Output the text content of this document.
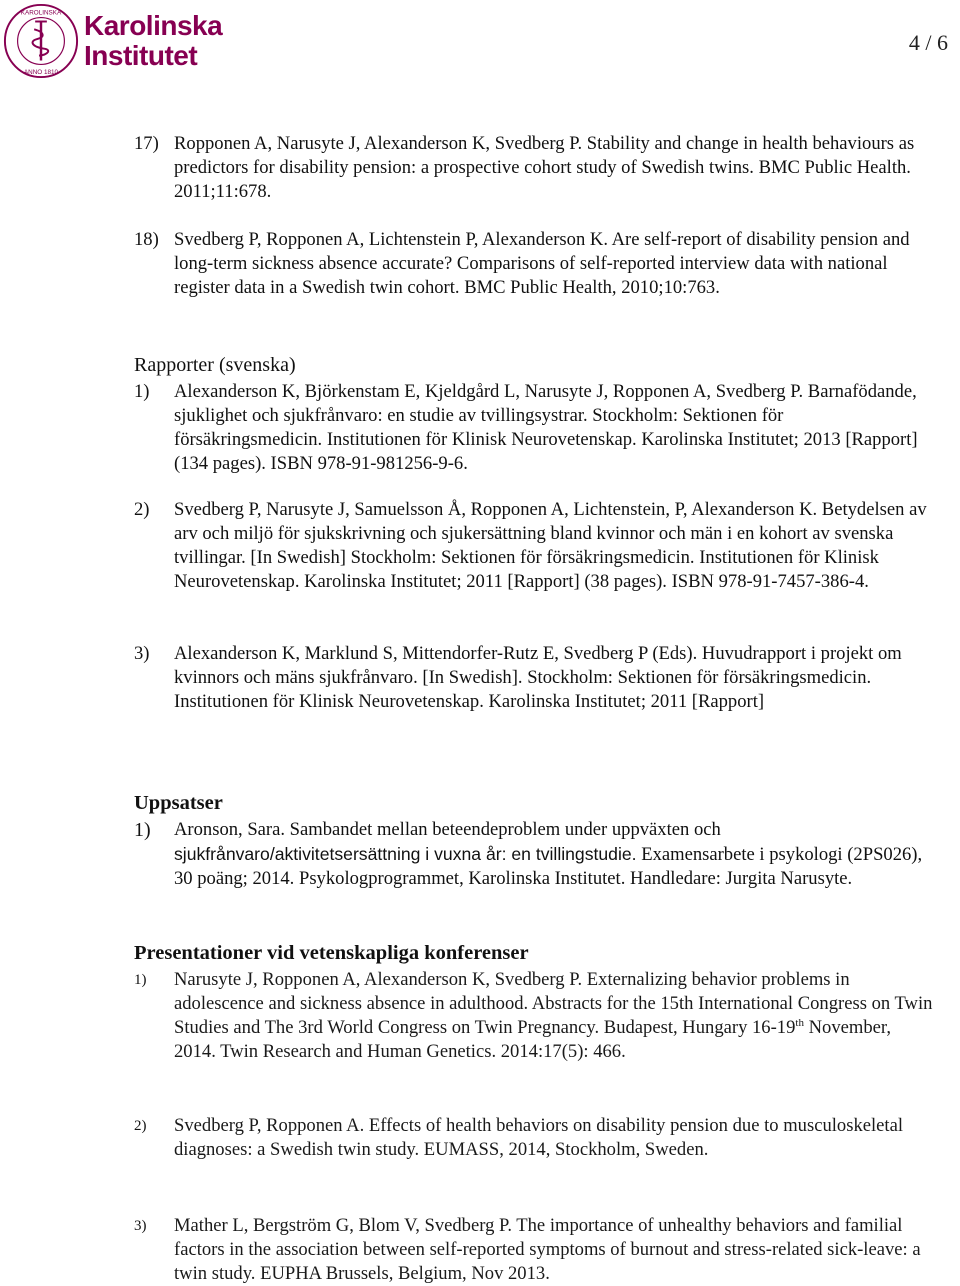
KAROLINSKA
ANNO 1810
Karolinska
Institutet	4 / 6
17) Ropponen A, Narusyte J, Alexanderson K, Svedberg P. Stability and change in health behaviours as predictors for disability pension: a prospective cohort study of Swedish twins. BMC Public Health. 2011;11:678.
18) Svedberg P, Ropponen A, Lichtenstein P, Alexanderson K. Are self-report of disability pension and long-term sickness absence accurate? Comparisons of self-reported interview data with national register data in a Swedish twin cohort. BMC Public Health, 2010;10:763.
Rapporter (svenska)
1) Alexanderson K, Björkenstam E, Kjeldgård L, Narusyte J, Ropponen A, Svedberg P. Barnafödande, sjuklighet och sjukfrånvaro: en studie av tvillingsystrar. Stockholm: Sektionen för försäkringsmedicin. Institutionen för Klinisk Neurovetenskap. Karolinska Institutet; 2013 [Rapport] (134 pages). ISBN 978-91-981256-9-6.
2) Svedberg P, Narusyte J, Samuelsson Å, Ropponen A, Lichtenstein, P, Alexanderson K. Betydelsen av arv och miljö för sjukskrivning och sjukersättning bland kvinnor och män i en kohort av svenska tvillingar. [In Swedish] Stockholm: Sektionen för försäkringsmedicin. Institutionen för Klinisk Neurovetenskap. Karolinska Institutet; 2011 [Rapport] (38 pages). ISBN 978-91-7457-386-4.
3) Alexanderson K, Marklund S, Mittendorfer-Rutz E, Svedberg P (Eds). Huvudrapport i projekt om kvinnors och mäns sjukfrånvaro. [In Swedish]. Stockholm: Sektionen för försäkringsmedicin. Institutionen för Klinisk Neurovetenskap. Karolinska Institutet; 2011 [Rapport]
Uppsatser
1) Aronson, Sara. Sambandet mellan beteendeproblem under uppväxten och sjukfrånvaro/aktivitetsersättning i vuxna år: en tvillingstudie. Examensarbete i psykologi (2PS026), 30 poäng; 2014. Psykologprogrammet, Karolinska Institutet. Handledare: Jurgita Narusyte.
Presentationer vid vetenskapliga konferenser
1) Narusyte J, Ropponen A, Alexanderson K, Svedberg P. Externalizing behavior problems in adolescence and sickness absence in adulthood. Abstracts for the 15th International Congress on Twin Studies and The 3rd World Congress on Twin Pregnancy. Budapest, Hungary 16-19th November, 2014. Twin Research and Human Genetics. 2014:17(5): 466.
2) Svedberg P, Ropponen A. Effects of health behaviors on disability pension due to musculoskeletal diagnoses: a Swedish twin study. EUMASS, 2014, Stockholm, Sweden.
3) Mather L, Bergström G, Blom V, Svedberg P. The importance of unhealthy behaviors and familial factors in the association between self-reported symptoms of burnout and stress-related sick-leave: a twin study. EUPHA Brussels, Belgium, Nov 2013.
